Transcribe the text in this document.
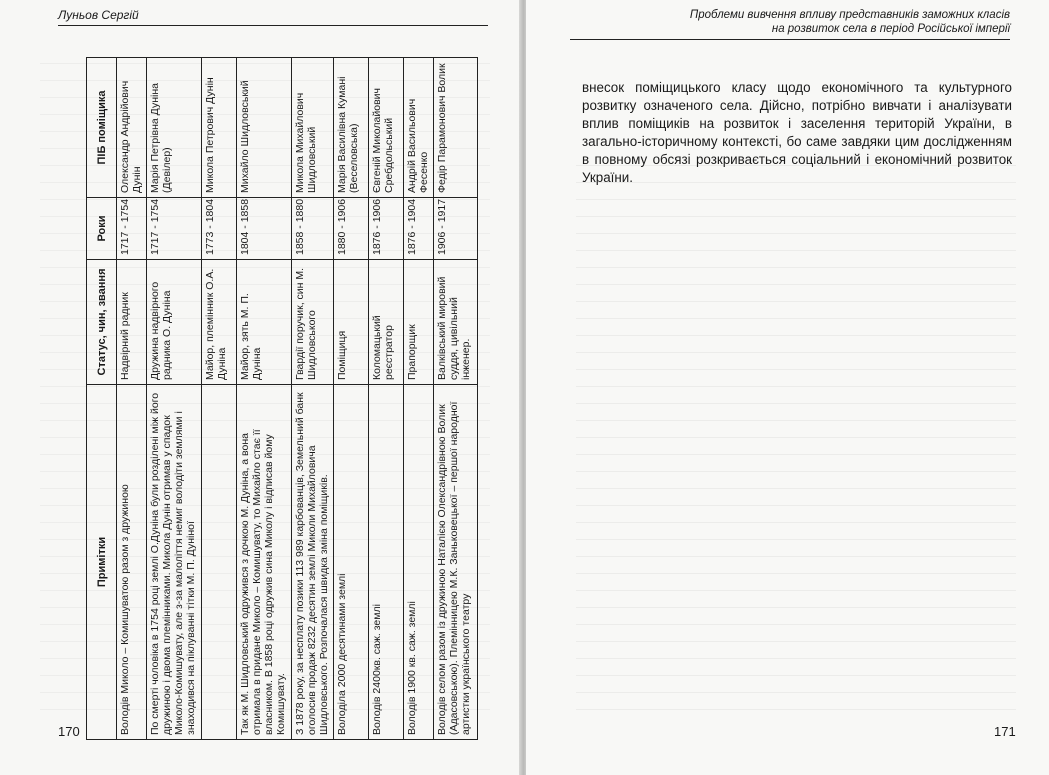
Луньов Сергій
Примітки	Статус, чин, звання	Роки	ПІБ поміщика
Володів Миколо – Комишуватою разом з дружиною	Надвірний радник	1717 - 1754	Олександр Андрійович Дунін
По смерті чоловіка в 1754 році землі О.Дуніна були розділені між його дружиною і двома племінниками. Микола Дунін отримав у спадок Миколо-Комишувату, але з-за малоліття немиг володіти землями і знаходився на піклуванні тітки М. П. Дуніної	Дружина надвірного радника О. Дуніна	1717 - 1754	Марія Петрівна Дуніна (Девілер)
	Майор, племінник О.А. Дуніна	1773 - 1804	Микола Петрович Дунін
Так як М. Шидловський одружився з дочкою М. Дуніна, а вона отримала в придане Миколо – Комишувату, то Михайло стає її власником. В 1858 році одружив сина Миколу і відписав йому Комишувату.	Майор, зять М. П. Дуніна	1804 - 1858	Михайло Шидловський
З 1878 року, за несплату позики 113 989 карбованців, Земельний банк оголосив продаж 8232 десятин землі Миколи Михайловича Шидловського. Розпочалася швидка зміна поміщиків.	Гвардії поручик, син М. Шидловського	1858 - 1880	Микола Михайлович Шидловський
Володіла 2000 десятинами землі	Поміщиця	1880 - 1906	Марія Василівна Кумані (Веселовська)
Володів 2400кв. саж. землі	Коломацький реєстратор	1876 - 1906	Євгеній Миколайович Сребдольський
Володів 1900 кв. саж. землі	Прапорщик	1876 - 1904	Андрій Васильович Фесенко
Володів селом разом із дружиною Наталією Олександрівною Волик (Адасовською). Племінницею М.К. Заньковецької – першої народної артистки українського театру	Валківський мировий суддя, цивільний інженер.	1906 - 1917	Федір Парамонович Волик
170
Проблеми вивчення впливу представників заможних класів
на розвиток села в період Російської імперії

внесок поміщицького класу щодо економічного та культурного розвитку означеного села. Дійсно, потрібно вивчати і аналізувати вплив поміщиків на розвиток і заселення територій України, в загально-історичному контексті, бо саме завдяки цим дослідженням в повному обсязі розкривається соціальний і економічний розвиток України.

171
